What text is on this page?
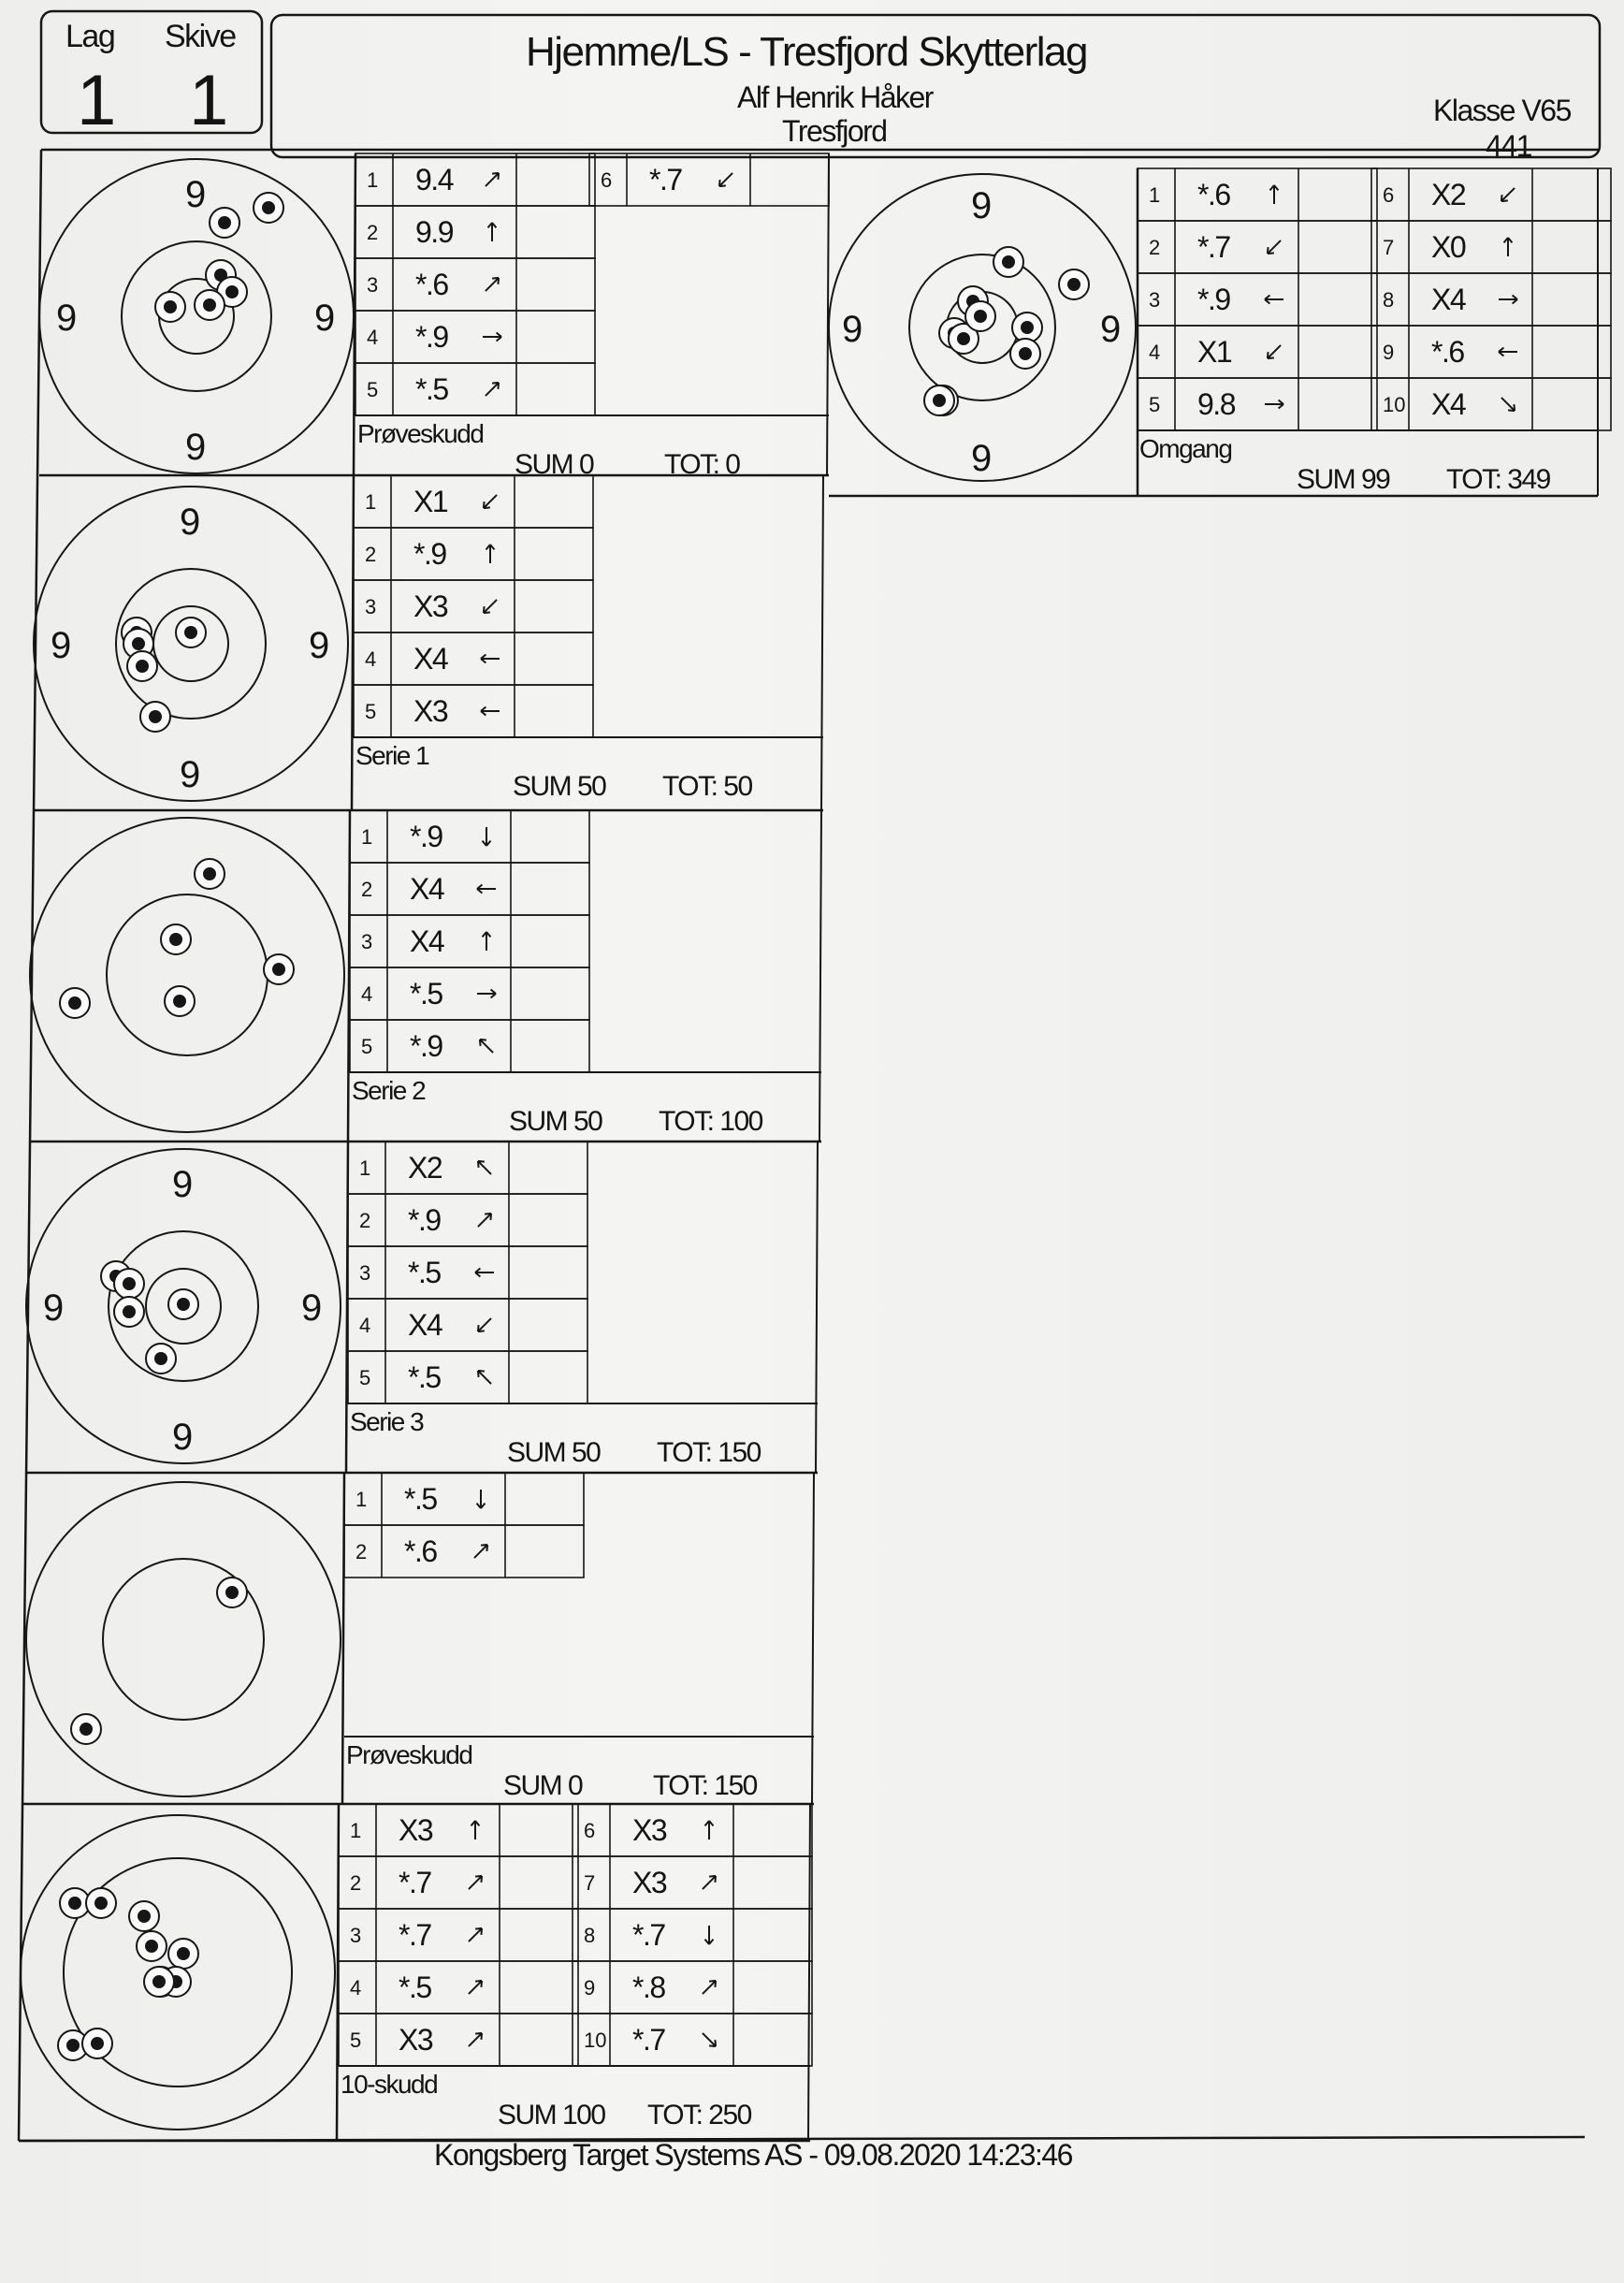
Lag Skive
1 1
Hjemme/LS - Tresfjord Skytterlag
Alf Henrik Håker
Tresfjord
Klasse V65
441
9
9
9	9
1 9.4
2 9.9
3 *.6
4 *.9
5 *.5
6 *.7
Prøveskudd
SUM 0	TOT: 0
9
9
9	9
1 X1
2 *.9
3 X3
4 X4
5 X3
Serie 1
SUM 50 TOT: 50
1 *.9
2 X4
3 X4
4 *.5
5 *.9
Serie 2
SUM 50 TOT: 100
9
9
9	9
1 X2
2 *.9
3 *.5
4 X4
5 *.5
Serie 3
SUM 50 TOT: 150
1 *.5
2 *.6
Prøveskudd
SUM 0	TOT: 150
1 X3
2 *.7
3 *.7
4 *.5
5 X3
6 X3
7 X3
8 *.7
9 *.8
10 *.7
10-skudd
SUM 100 TOT: 250
9
9
9	9
1 *.6
2 *.7
3 *.9
4 X1
5 9.8
6 X2
7 X0
8 X4
9 *.6
10 X4
Omgang
SUM 99 TOT: 349
Kongsberg Target Systems AS - 09.08.2020 14:23:46
